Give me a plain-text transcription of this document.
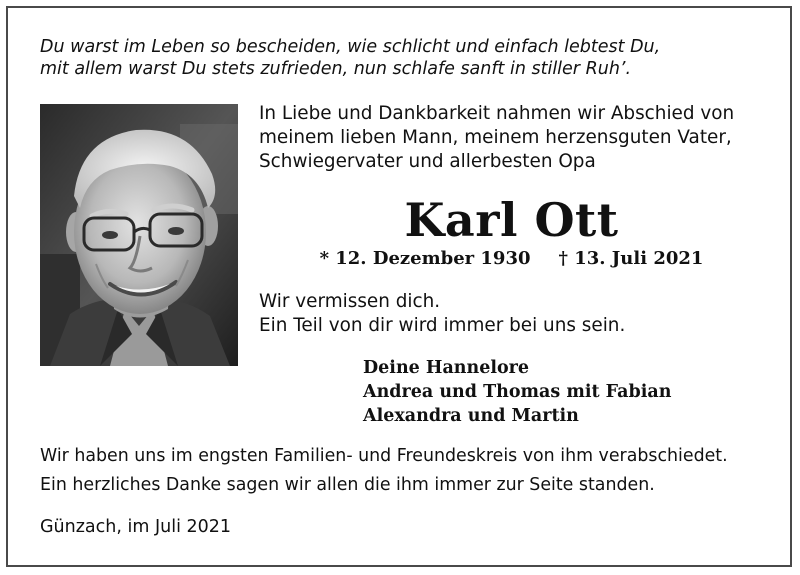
Du warst im Leben so bescheiden, wie schlicht und einfach lebtest Du,
mit allem warst Du stets zufrieden, nun schlafe sanft in stiller Ruh’.
In Liebe und Dankbarkeit nahmen wir Abschied von
meinem lieben Mann, meinem herzensguten Vater,
Schwiegervater und allerbesten Opa
Karl Ott
* 12. Dezember 1930 † 13. Juli 2021
Wir vermissen dich.
Ein Teil von dir wird immer bei uns sein.
Deine Hannelore
Andrea und Thomas mit Fabian
Alexandra und Martin
Wir haben uns im engsten Familien- und Freundeskreis von ihm verabschiedet.
Ein herzliches Danke sagen wir allen die ihm immer zur Seite standen.
Günzach, im Juli 2021
